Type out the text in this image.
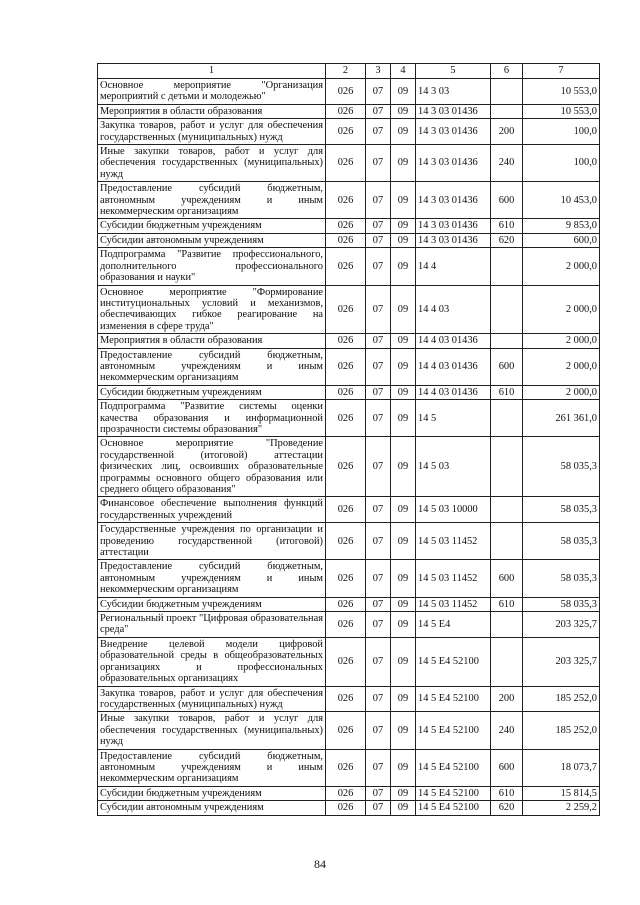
1	2	3	4	5	6	7
Основное мероприятие "Организация мероприятий с детьми и молодежью"	026	07	09	14 3 03		10 553,0
Мероприятия в области образования	026	07	09	14 3 03 01436		10 553,0
Закупка товаров, работ и услуг для обеспечения государственных (муниципальных) нужд	026	07	09	14 3 03 01436	200	100,0
Иные закупки товаров, работ и услуг для обеспечения государственных (муниципальных) нужд	026	07	09	14 3 03 01436	240	100,0
Предоставление субсидий бюджетным, автономным учреждениям и иным некоммерческим организациям	026	07	09	14 3 03 01436	600	10 453,0
Субсидии бюджетным учреждениям	026	07	09	14 3 03 01436	610	9 853,0
Субсидии автономным учреждениям	026	07	09	14 3 03 01436	620	600,0
Подпрограмма "Развитие профессионального, дополнительного профессионального образования и науки"	026	07	09	14 4		2 000,0
Основное мероприятие "Формирование институциональных условий и механизмов, обеспечивающих гибкое реагирование на изменения в сфере труда"	026	07	09	14 4 03		2 000,0
Мероприятия в области образования	026	07	09	14 4 03 01436		2 000,0
Предоставление субсидий бюджетным, автономным учреждениям и иным некоммерческим организациям	026	07	09	14 4 03 01436	600	2 000,0
Субсидии бюджетным учреждениям	026	07	09	14 4 03 01436	610	2 000,0
Подпрограмма "Развитие системы оценки качества образования и информационной прозрачности системы образования"	026	07	09	14 5		261 361,0
Основное мероприятие "Проведение государственной (итоговой) аттестации физических лиц, освоивших образовательные программы основного общего образования или среднего общего образования"	026	07	09	14 5 03		58 035,3
Финансовое обеспечение выполнения функций государственных учреждений	026	07	09	14 5 03 10000		58 035,3
Государственные учреждения по организации и проведению государственной (итоговой) аттестации	026	07	09	14 5 03 11452		58 035,3
Предоставление субсидий бюджетным, автономным учреждениям и иным некоммерческим организациям	026	07	09	14 5 03 11452	600	58 035,3
Субсидии бюджетным учреждениям	026	07	09	14 5 03 11452	610	58 035,3
Региональный проект "Цифровая образовательная среда"	026	07	09	14 5 E4		203 325,7
Внедрение целевой модели цифровой образовательной среды в общеобразовательных организациях и профессиональных образовательных организациях	026	07	09	14 5 E4 52100		203 325,7
Закупка товаров, работ и услуг для обеспечения государственных (муниципальных) нужд	026	07	09	14 5 E4 52100	200	185 252,0
Иные закупки товаров, работ и услуг для обеспечения государственных (муниципальных) нужд	026	07	09	14 5 E4 52100	240	185 252,0
Предоставление субсидий бюджетным, автономным учреждениям и иным некоммерческим организациям	026	07	09	14 5 E4 52100	600	18 073,7
Субсидии бюджетным учреждениям	026	07	09	14 5 E4 52100	610	15 814,5
Субсидии автономным учреждениям	026	07	09	14 5 E4 52100	620	2 259,2
84
